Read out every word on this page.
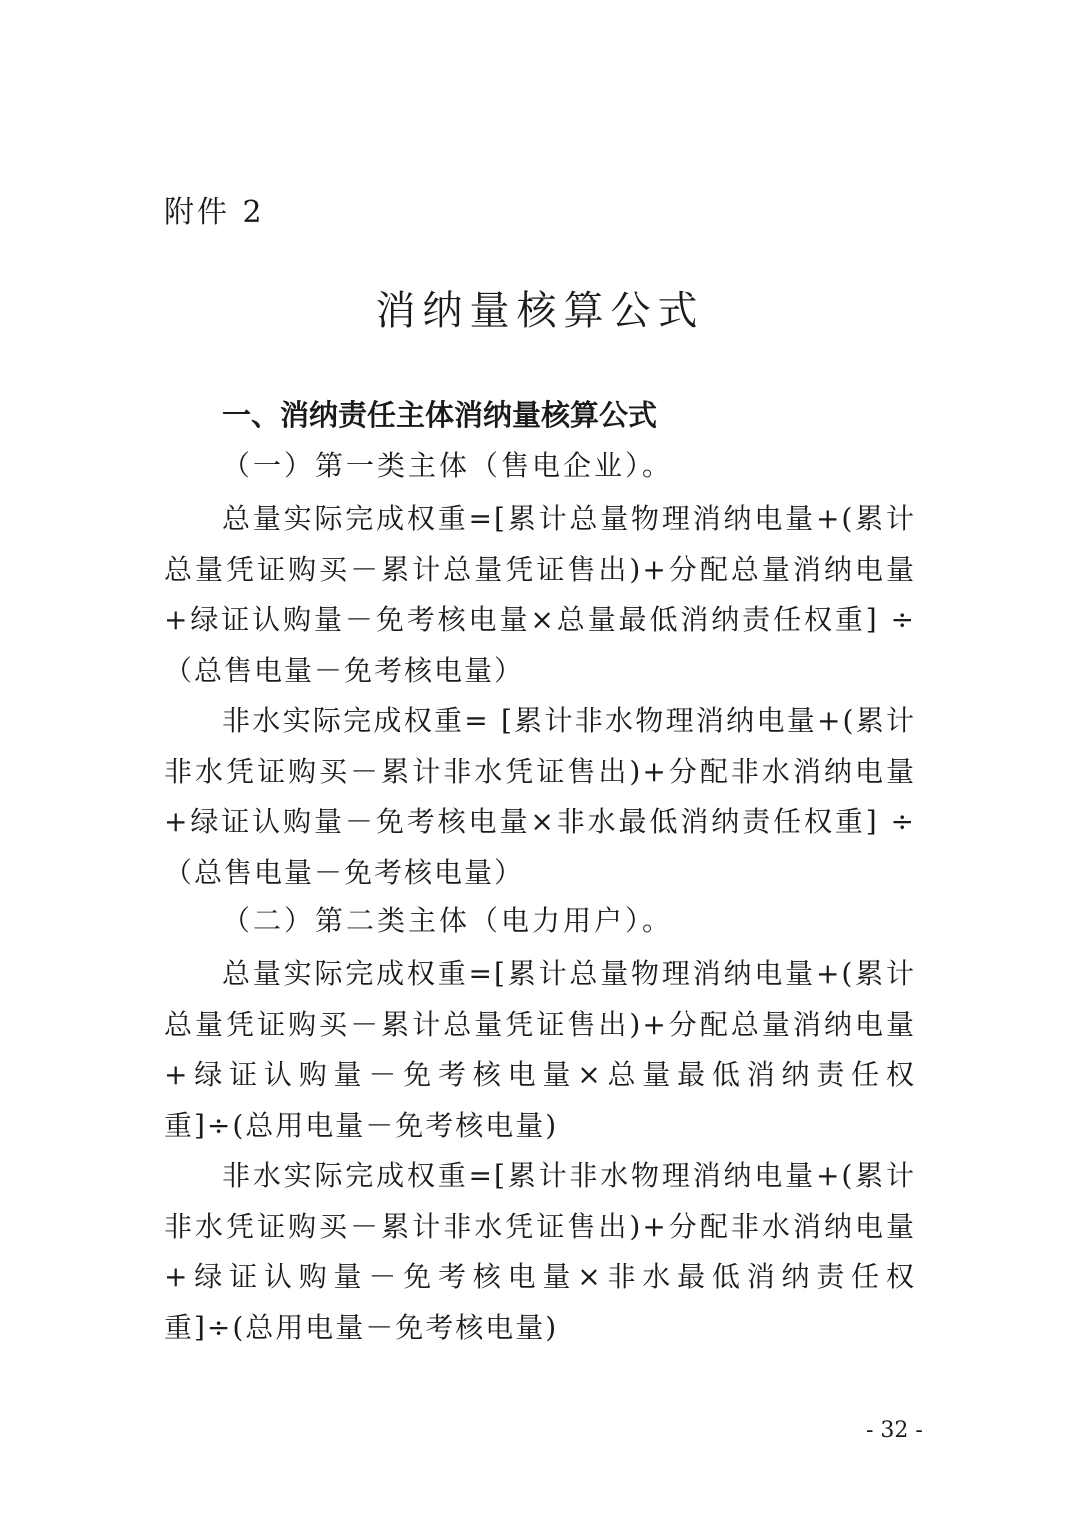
附件 2
消纳量核算公式
一、消纳责任主体消纳量核算公式
（一）第一类主体（售电企业）。

总量实际完成权重=[累计总量物理消纳电量+(累计总量凭证购买－累计总量凭证售出)+分配总量消纳电量+绿证认购量－免考核电量×总量最低消纳责任权重] ÷（总售电量－免考核电量）

非水实际完成权重= [累计非水物理消纳电量+(累计非水凭证购买－累计非水凭证售出)+分配非水消纳电量+绿证认购量－免考核电量×非水最低消纳责任权重] ÷（总售电量－免考核电量）

（二）第二类主体（电力用户）。

总量实际完成权重=[累计总量物理消纳电量+(累计总量凭证购买－累计总量凭证售出)+分配总量消纳电量+绿证认购量－免考核电量×总量最低消纳责任权重]÷(总用电量－免考核电量)

非水实际完成权重=[累计非水物理消纳电量+(累计非水凭证购买－累计非水凭证售出)+分配非水消纳电量+绿证认购量－免考核电量×非水最低消纳责任权重]÷(总用电量－免考核电量)

- 32 -
